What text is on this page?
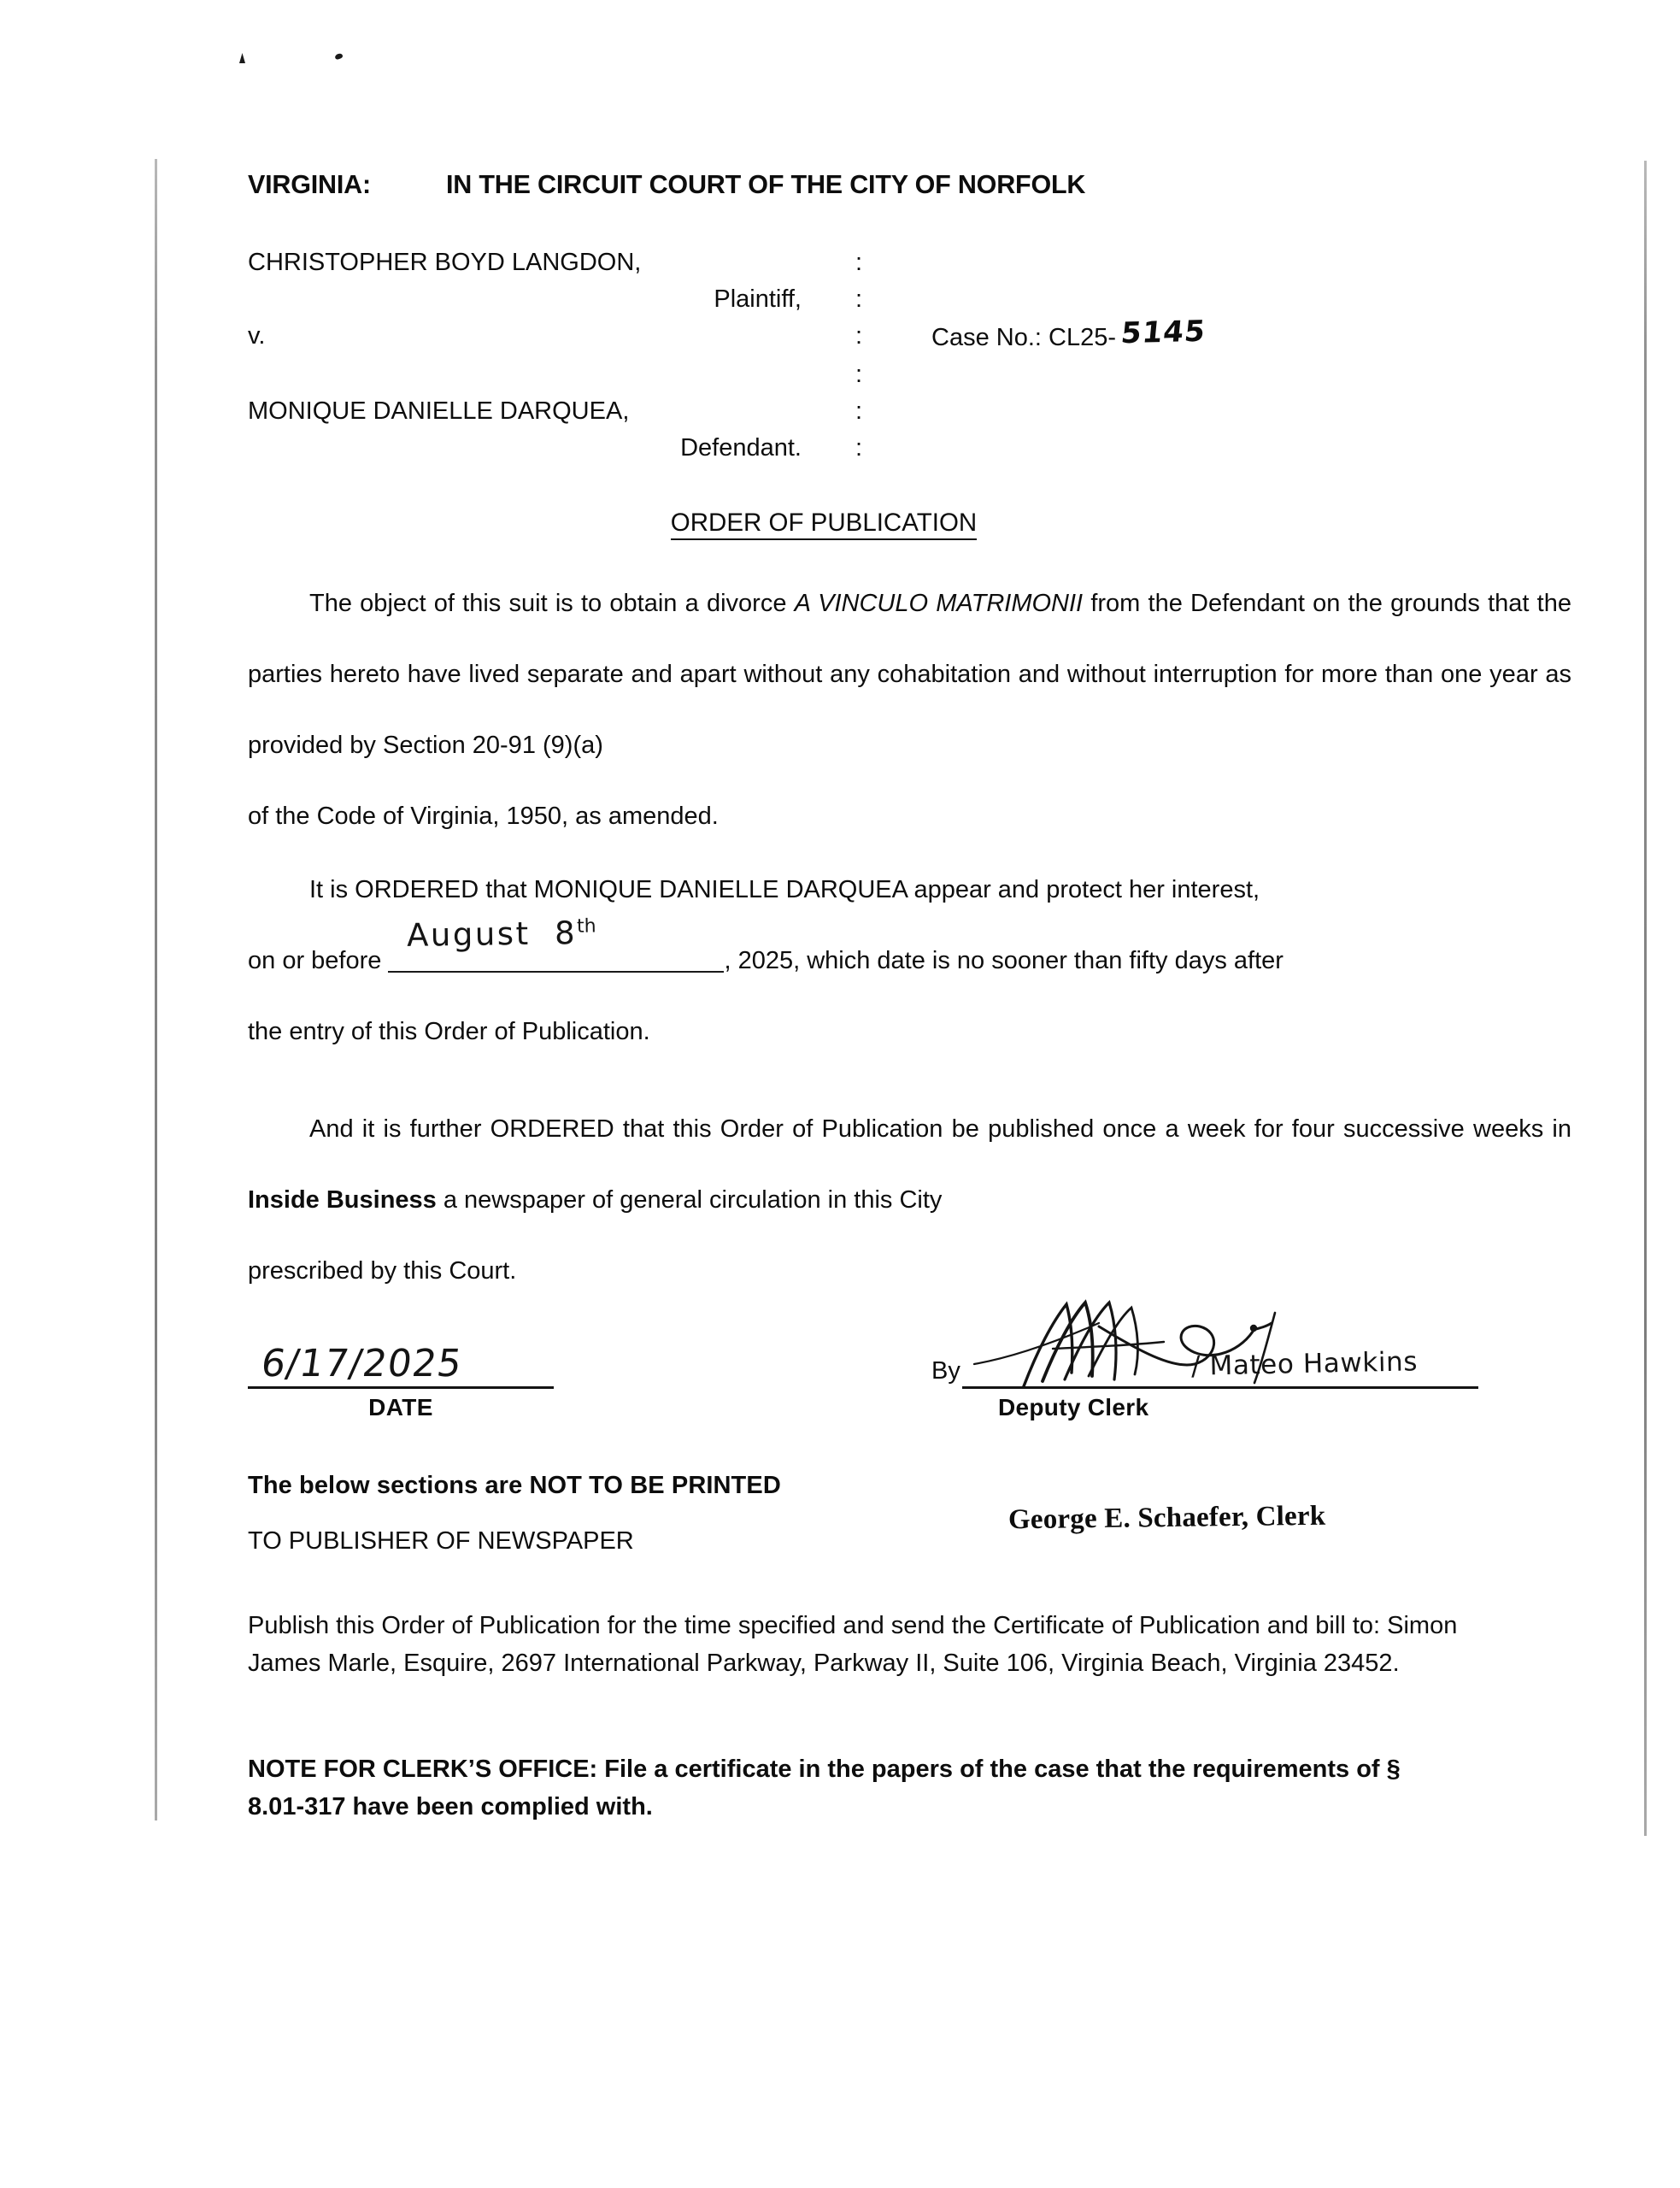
VIRGINIA:	IN THE CIRCUIT COURT OF THE CITY OF NORFOLK
CHRISTOPHER BOYD LANGDON,	:
Plaintiff,	:
v.	:	Case No.: CL25- 5145
:
MONIQUE DANIELLE DARQUEA,	:
Defendant.	:
ORDER OF PUBLICATION
The object of this suit is to obtain a divorce A VINCULO MATRIMONII from the Defendant on the grounds that the parties hereto have lived separate and apart without any cohabitation and without interruption for more than one year as provided by Section 20-91 (9)(a)
of the Code of Virginia, 1950, as amended.
It is ORDERED that MONIQUE DANIELLE DARQUEA appear and protect her interest,
on or before
August 8th
, 2025, which date is no sooner than fifty days after
the entry of this Order of Publication.
And it is further ORDERED that this Order of Publication be published once a week for four successive weeks in Inside Business a newspaper of general circulation in this City
prescribed by this Court.
6/17/2025
DATE
By	/ Mateo Hawkins
Deputy Clerk
The below sections are NOT TO BE PRINTED
TO PUBLISHER OF NEWSPAPER
George E. Schaefer, Clerk
Publish this Order of Publication for the time specified and send the Certificate of Publication and bill to: Simon James Marle, Esquire, 2697 International Parkway, Parkway II, Suite 106, Virginia Beach, Virginia 23452.
NOTE FOR CLERK’S OFFICE: File a certificate in the papers of the case that the requirements of § 8.01-317 have been complied with.
